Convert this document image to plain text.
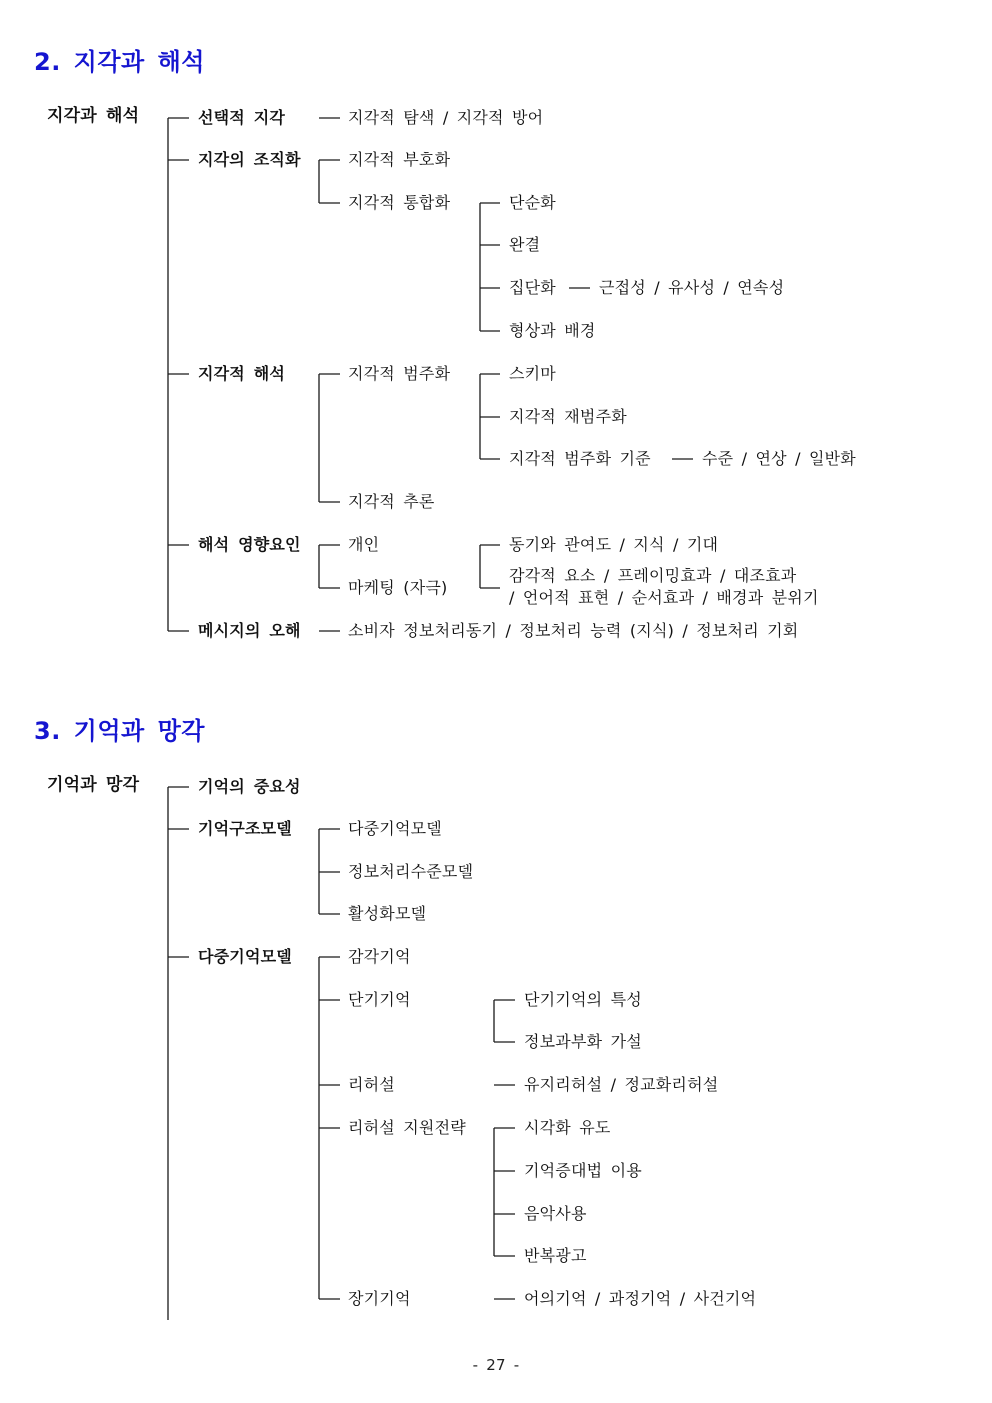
2. 지각과 해석
지각과 해석	선택적 지각	지각적 탐색 / 지각적 방어
지각의 조직화	지각적 부호화
지각적 통합화	단순화
완결
집단화	근접성 / 유사성 / 연속성
형상과 배경
지각적 해석	지각적 범주화	스키마
지각적 재범주화
지각적 범주화 기준	수준 / 연상 / 일반화
지각적 추론
해석 영향요인	개인	동기와 관여도 / 지식 / 기대
마케팅 (자극)
감각적 요소 / 프레이밍효과 / 대조효과
/ 언어적 표현 / 순서효과 / 배경과 분위기
메시지의 오해	소비자 정보처리동기 / 정보처리 능력 (지식) / 정보처리 기회
3. 기억과 망각
기억과 망각	기억의 중요성
기억구조모델	다중기억모델
정보처리수준모델
활성화모델
다중기억모델	감각기억
단기기억	단기기억의 특성
정보과부화 가설
리허설	유지리허설 / 정교화리허설
리허설 지원전략	시각화 유도
기억증대법 이용
음악사용
반복광고
장기기억	어의기억 / 과정기억 / 사건기억
- 27 -
